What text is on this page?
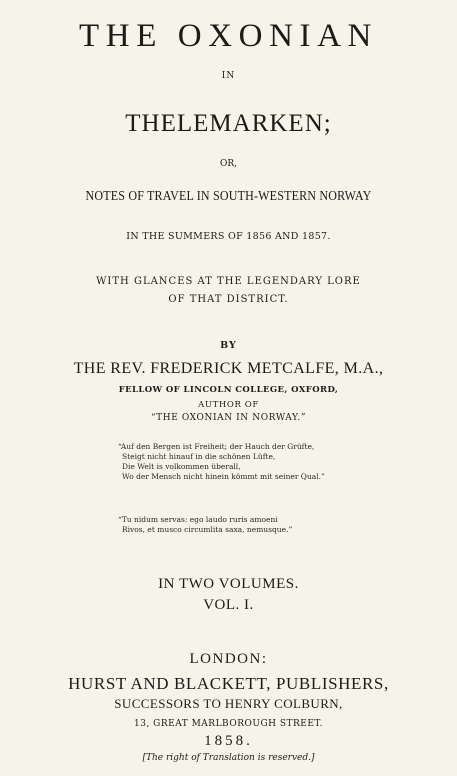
THE OXONIAN

IN

THELEMARKEN;

OR,

NOTES OF TRAVEL IN SOUTH-WESTERN NORWAY

IN THE SUMMERS OF 1856 AND 1857.

WITH GLANCES AT THE LEGENDARY LORE

OF THAT DISTRICT.

BY

THE REV. FREDERICK METCALFE, M.A.,

FELLOW OF LINCOLN COLLEGE, OXFORD,

AUTHOR OF

“THE OXONIAN IN NORWAY.”

“Auf den Bergen ist Freiheit; der Hauch der Grüfte,
Steigt nicht hinauf in die schönen Lüfte,
Die Welt is volkommen überall,
Wo der Mensch nicht hinein kömmt mit seiner Qual.”
“Tu nidum servas: ego laudo ruris amoeni
Rivos, et musco circumlita saxa, nemusque.”

IN TWO VOLUMES.

VOL. I.

LONDON:

HURST AND BLACKETT, PUBLISHERS,

SUCCESSORS TO HENRY COLBURN,

13, GREAT MARLBOROUGH STREET.

1858.

[The right of Translation is reserved.]
